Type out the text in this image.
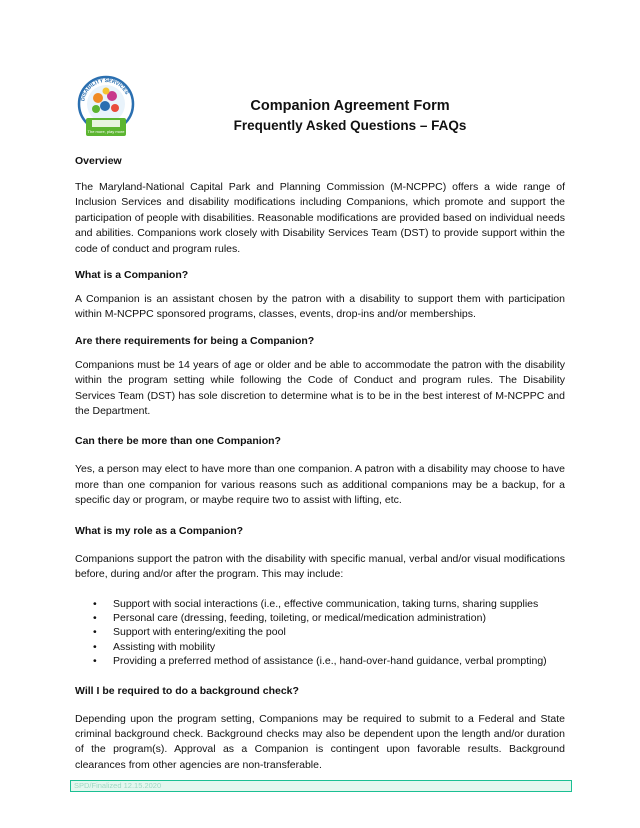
DISABILITY SERVICES
The more, play more
Companion Agreement Form
Frequently Asked Questions – FAQs
Overview

The Maryland-National Capital Park and Planning Commission (M-NCPPC) offers a wide range of Inclusion Services and disability modifications including Companions, which promote and support the participation of people with disabilities. Reasonable modifications are provided based on individual needs and abilities. Companions work closely with Disability Services Team (DST) to provide support within the code of conduct and program rules.

What is a Companion?

A Companion is an assistant chosen by the patron with a disability to support them with participation within M-NCPPC sponsored programs, classes, events, drop-ins and/or memberships.

Are there requirements for being a Companion?

Companions must be 14 years of age or older and be able to accommodate the patron with the disability within the program setting while following the Code of Conduct and program rules. The Disability Services Team (DST) has sole discretion to determine what is to be in the best interest of M-NCPPC and the Department.

Can there be more than one Companion?

Yes, a person may elect to have more than one companion. A patron with a disability may choose to have more than one companion for various reasons such as additional companions may be a backup, for a specific day or program, or maybe require two to assist with lifting, etc.

What is my role as a Companion?

Companions support the patron with the disability with specific manual, verbal and/or visual modifications before, during and/or after the program. This may include:

• Support with social interactions (i.e., effective communication, taking turns, sharing supplies
• Personal care (dressing, feeding, toileting, or medical/medication administration)
• Support with entering/exiting the pool
• Assisting with mobility
• Providing a preferred method of assistance (i.e., hand-over-hand guidance, verbal prompting)
Will I be required to do a background check?

Depending upon the program setting, Companions may be required to submit to a Federal and State criminal background check. Background checks may also be dependent upon the length and/or duration of the program(s). Approval as a Companion is contingent upon favorable results. Background clearances from other agencies are non-transferable.

SPD/Finalized 12.15.2020
